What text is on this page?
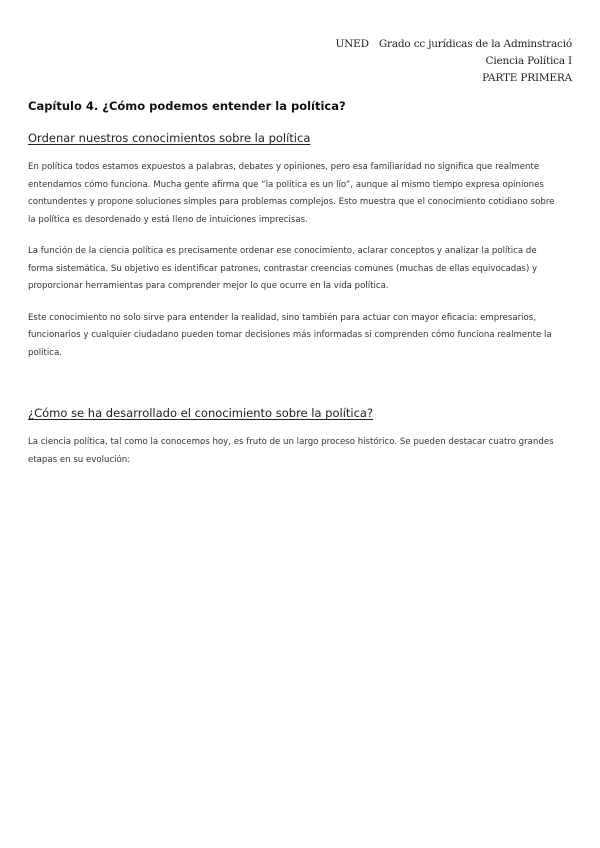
UNED Grado cc jurídicas de la Adminstració
Ciencia Política I
PARTE PRIMERA
Capítulo 4. ¿Cómo podemos entender la política?
Ordenar nuestros conocimientos sobre la política

En política todos estamos expuestos a palabras, debates y opiniones, pero esa familiaridad no significa que realmente entendamos cómo funciona. Mucha gente afirma que “la política es un lío”, aunque al mismo tiempo expresa opiniones contundentes y propone soluciones simples para problemas complejos. Esto muestra que el conocimiento cotidiano sobre la política es desordenado y está lleno de intuiciones imprecisas.

La función de la ciencia política es precisamente ordenar ese conocimiento, aclarar conceptos y analizar la política de forma sistemática. Su objetivo es identificar patrones, contrastar creencias comunes (muchas de ellas equivocadas) y proporcionar herramientas para comprender mejor lo que ocurre en la vida política.

Este conocimiento no solo sirve para entender la realidad, sino también para actuar con mayor eficacia: empresarios, funcionarios y cualquier ciudadano pueden tomar decisiones más informadas si comprenden cómo funciona realmente la política.

¿Cómo se ha desarrollado el conocimiento sobre la política?

La ciencia política, tal como la conocemos hoy, es fruto de un largo proceso histórico. Se pueden destacar cuatro grandes etapas en su evolución:
